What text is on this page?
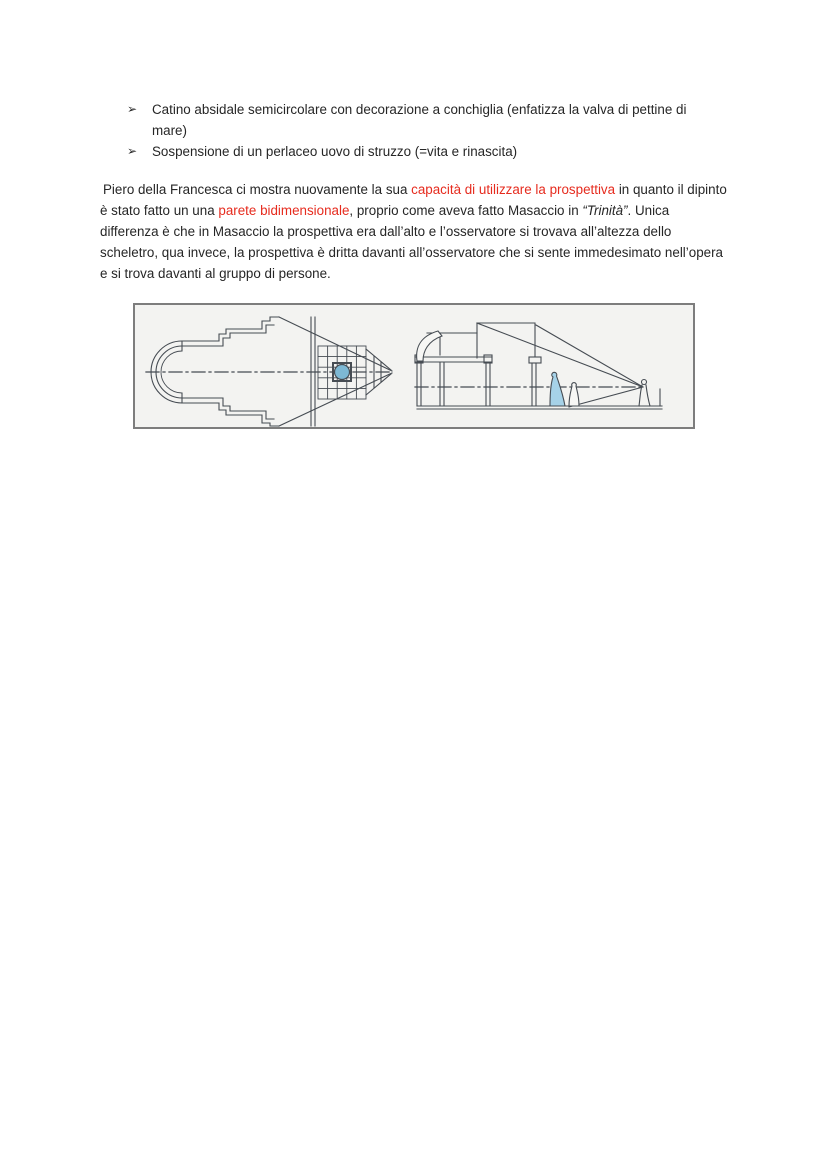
➢	Catino absidale semicircolare con decorazione a conchiglia (enfatizza la valva di pettine di mare)
➢	Sospensione di un perlaceo uovo di struzzo (=vita e rinascita)

Piero della Francesca ci mostra nuovamente la sua capacità di utilizzare la prospettiva in quanto il dipinto è stato fatto un una parete bidimensionale, proprio come aveva fatto Masaccio in “Trinità”. Unica differenza è che in Masaccio la prospettiva era dall’alto e l’osservatore si trovava all’altezza dello scheletro, qua invece, la prospettiva è dritta davanti all’osservatore che si sente immedesimato nell’opera e si trova davanti al gruppo di persone.
